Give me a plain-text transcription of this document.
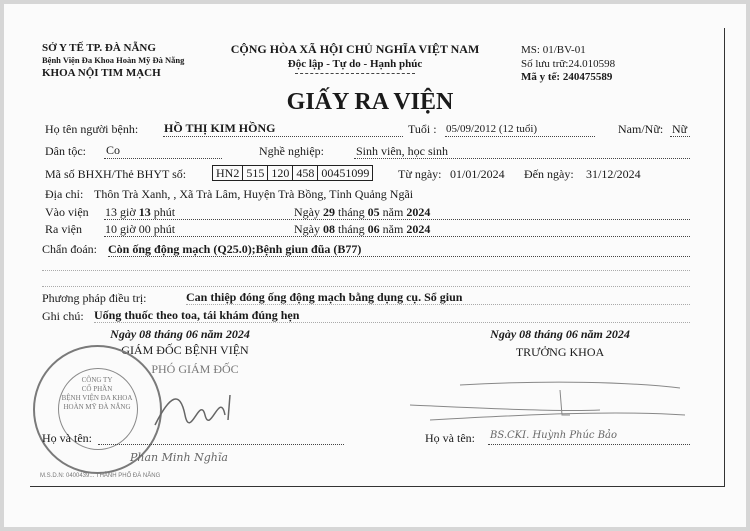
SỞ Y TẾ TP. ĐÀ NẴNG
Bệnh Viện Đa Khoa Hoàn Mỹ Đà Nẵng
KHOA NỘI TIM MẠCH
CỘNG HÒA XÃ HỘI CHỦ NGHĨA VIỆT NAM
Độc lập - Tự do - Hạnh phúc
MS: 01/BV-01
Số lưu trữ:24.010598
Mã y tế: 240475589
GIẤY RA VIỆN
Họ tên người bệnh: HỒ THỊ KIM HỒNG	Tuổi : 05/09/2012 (12 tuổi)	Nam/Nữ: Nữ
Dân tộc: Co	Nghề nghiệp:	Sinh viên, học sinh
Mã số BHXH/Thẻ BHYT số:	HN2 515 120 458 00451099 Từ ngày: 01/01/2024 Đến ngày: 31/12/2024
Địa chỉ: Thôn Trà Xanh, , Xã Trà Lâm, Huyện Trà Bồng, Tỉnh Quảng Ngãi
Vào viện 13 giờ 13 phút	Ngày 29 tháng 05 năm 2024
Ra viện 10 giờ 00 phút	Ngày 08 tháng 06 năm 2024
Chẩn đoán: Còn ống động mạch (Q25.0);Bệnh giun đũa (B77)
Phương pháp điều trị:	Can thiệp đóng ống động mạch bằng dụng cụ. Sổ giun
Ghi chú: Uống thuốc theo toa, tái khám đúng hẹn
Ngày 08 tháng 06 năm 2024
GIÁM ĐỐC BỆNH VIỆN
PHÓ GIÁM ĐỐC
Ngày 08 tháng 06 năm 2024
TRƯỞNG KHOA
CÔNG TY
CỔ PHẦN
BỆNH VIỆN ĐA KHOA
HOÀN MỸ ĐÀ NẴNG
M.S.D.N: 0400439... THÀNH PHỐ ĐÀ NẴNG
Họ và tên:
Phan Minh Nghĩa
Họ và tên: BS.CKI. Huỳnh Phúc Bảo
